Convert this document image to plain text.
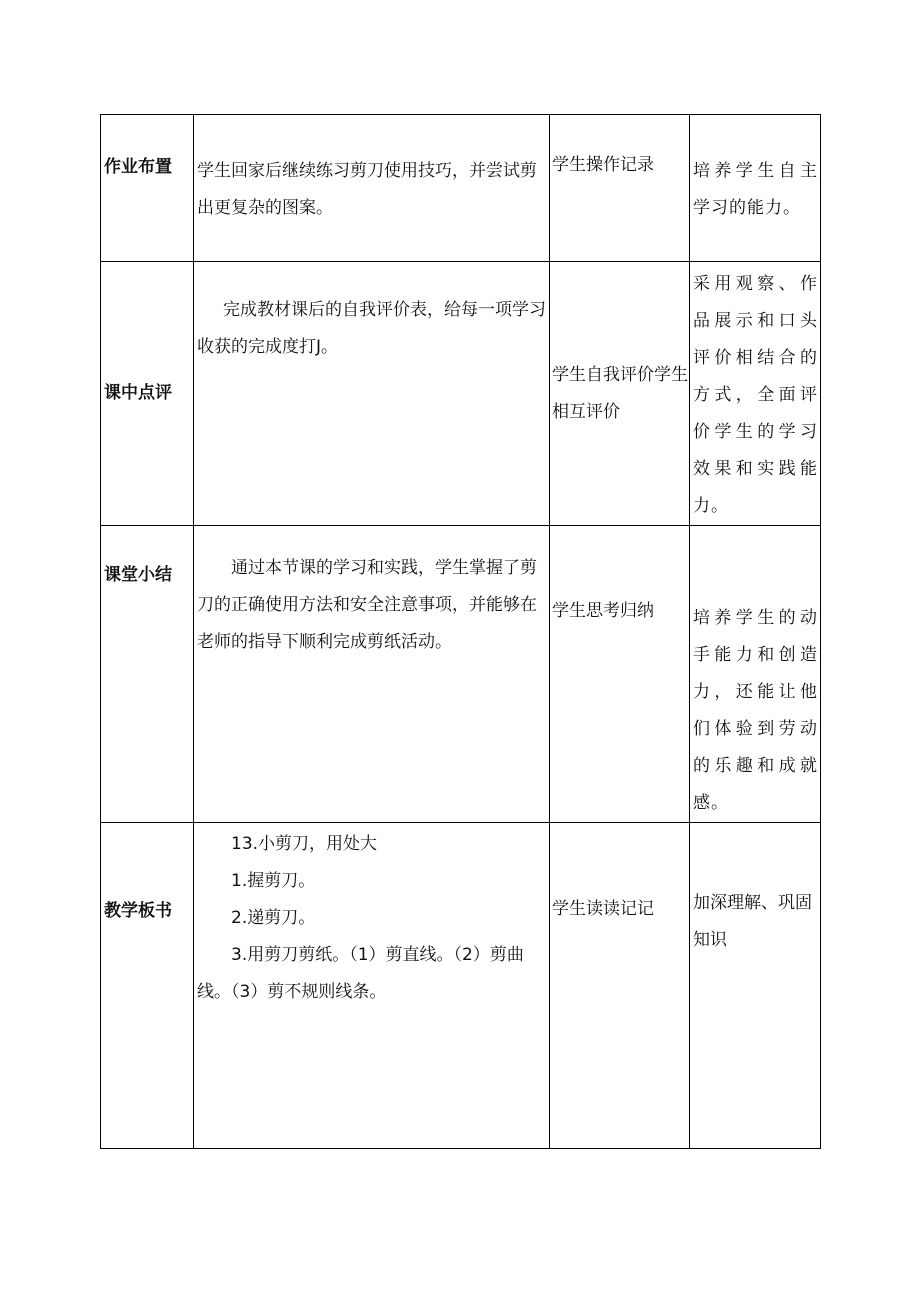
作业布置	学生回家后继续练习剪刀使用技巧，并尝试剪出更复杂的图案。	学生操作记录	培养学生自主学习的能力。

课中点评	完成教材课后的自我评价表，给每一项学习收获的完成度打J。	学生自我评价学生相互评价	采用观察、作品展示和口头评价相结合的方式，全面评价学生的学习效果和实践能力。

课堂小结	通过本节课的学习和实践，学生掌握了剪刀的正确使用方法和安全注意事项，并能够在老师的指导下顺利完成剪纸活动。	学生思考归纳	培养学生的动手能力和创造力，还能让他们体验到劳动的乐趣和成就感。

教学板书	13.小剪刀，用处大
1.握剪刀。
2.递剪刀。
3.用剪刀剪纸。（1）剪直线。（2）剪曲线。（3）剪不规则线条。	学生读读记记	加深理解、巩固知识
